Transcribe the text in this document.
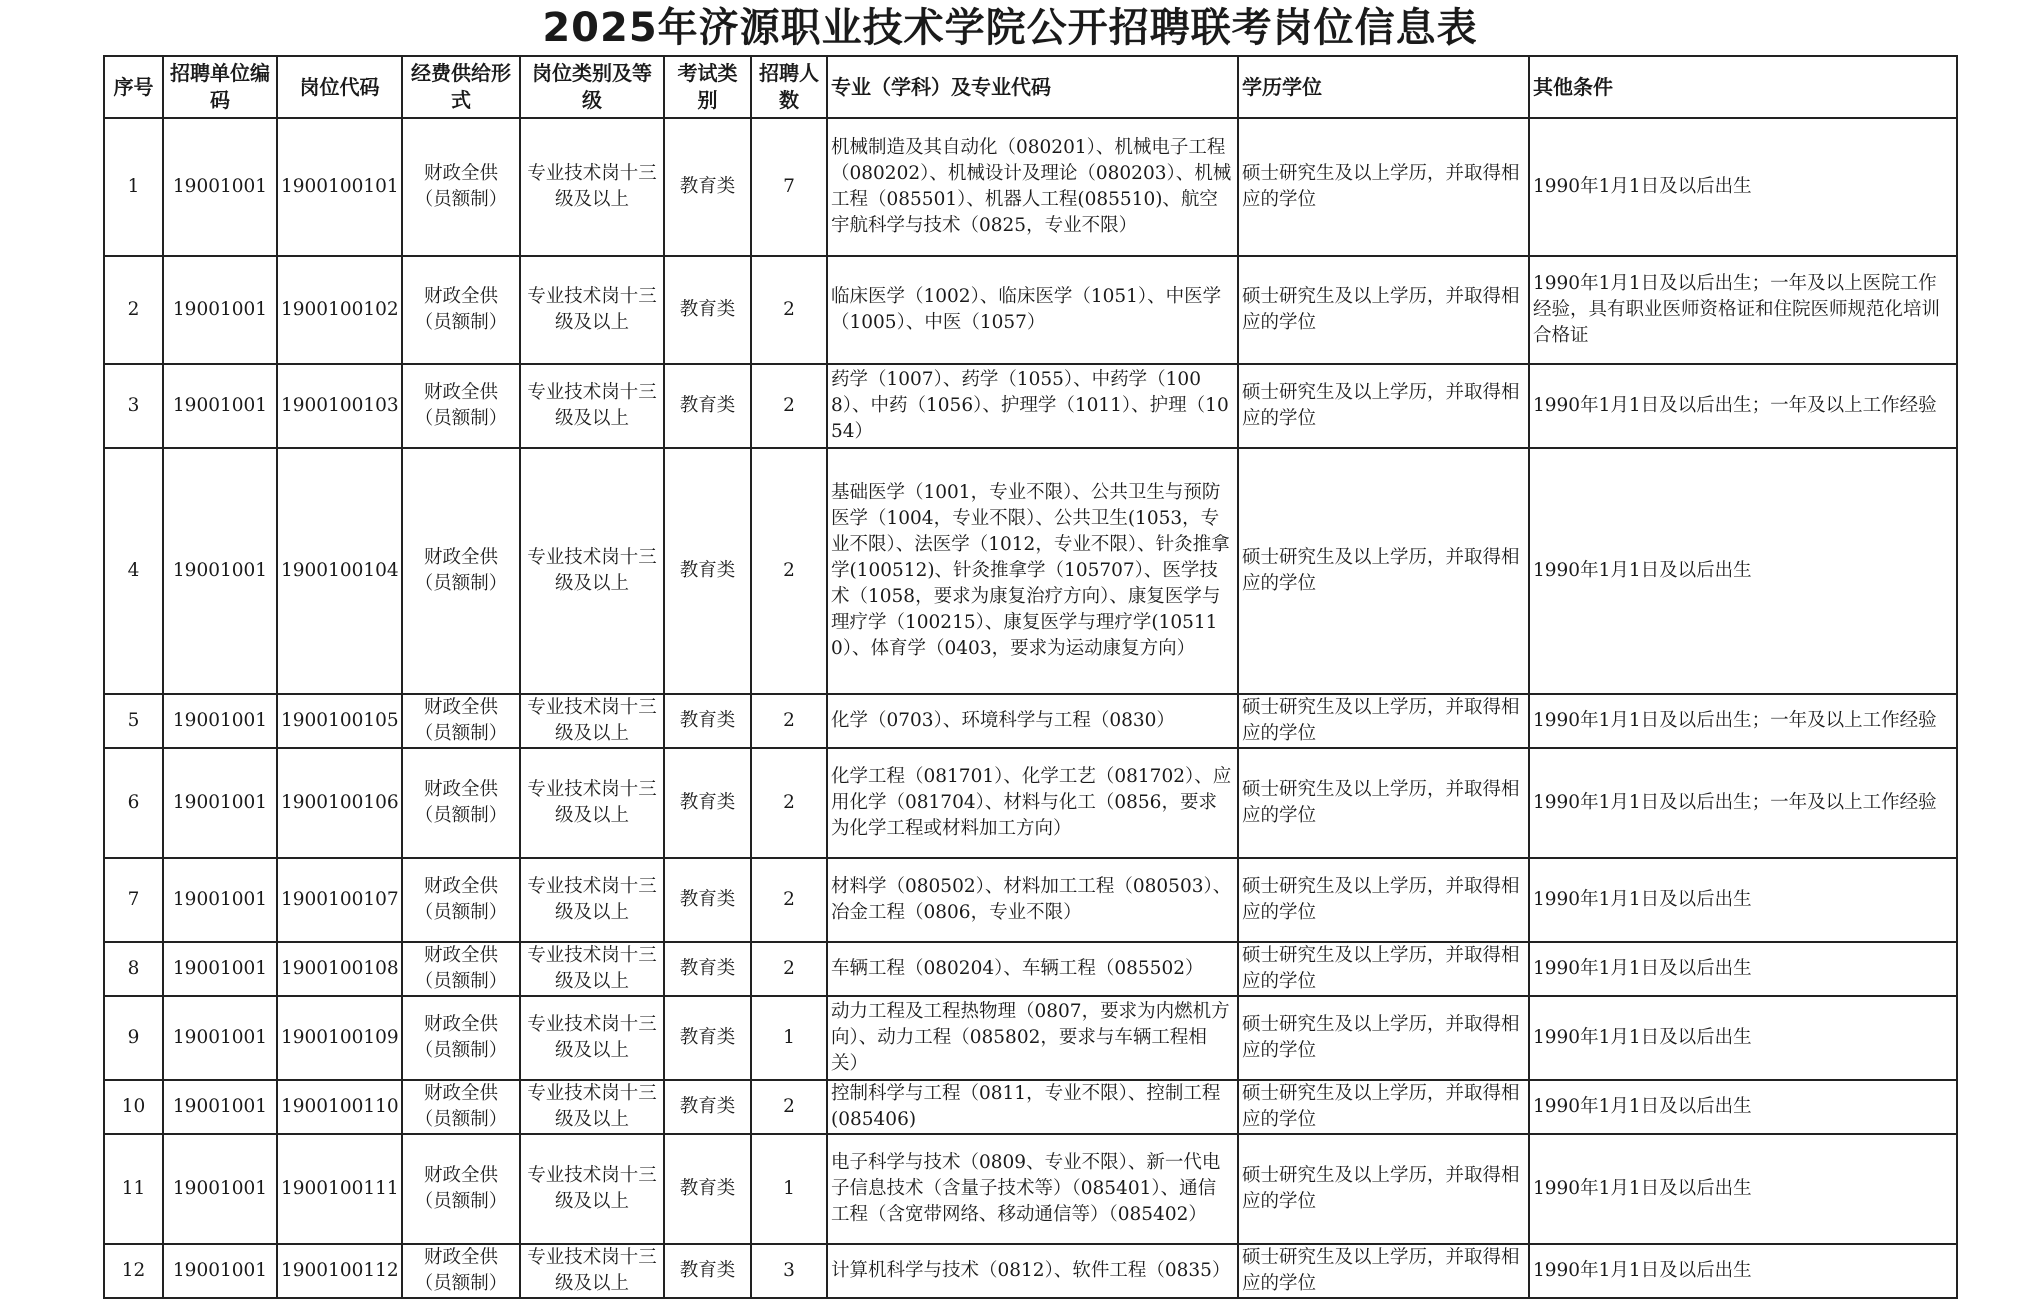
2025年济源职业技术学院公开招聘联考岗位信息表
序号	招聘单位编码	岗位代码	经费供给形式	岗位类别及等级	考试类别	招聘人数	专业（学科）及专业代码	学历学位	其他条件
1	19001001	1900100101	财政全供（员额制）	专业技术岗十三级及以上	教育类	7	机械制造及其自动化（080201）、机械电子工程（080202）、机械设计及理论（080203）、机械工程（085501）、机器人工程(085510)、航空宇航科学与技术（0825，专业不限）	硕士研究生及以上学历，并取得相应的学位	1990年1月1日及以后出生
2	19001001	1900100102	财政全供（员额制）	专业技术岗十三级及以上	教育类	2	临床医学（1002）、临床医学（1051）、中医学（1005）、中医（1057）	硕士研究生及以上学历，并取得相应的学位	1990年1月1日及以后出生；一年及以上医院工作经验，具有职业医师资格证和住院医师规范化培训合格证
3	19001001	1900100103	财政全供（员额制）	专业技术岗十三级及以上	教育类	2	药学（1007）、药学（1055）、中药学（1008）、中药（1056）、护理学（1011）、护理（1054）	硕士研究生及以上学历，并取得相应的学位	1990年1月1日及以后出生；一年及以上工作经验
4	19001001	1900100104	财政全供（员额制）	专业技术岗十三级及以上	教育类	2	基础医学（1001，专业不限）、公共卫生与预防医学（1004，专业不限）、公共卫生(1053，专业不限）、法医学（1012，专业不限）、针灸推拿学(100512)、针灸推拿学（105707）、医学技术（1058，要求为康复治疗方向）、康复医学与理疗学（100215）、康复医学与理疗学(105110）、体育学（0403，要求为运动康复方向）	硕士研究生及以上学历，并取得相应的学位	1990年1月1日及以后出生
5	19001001	1900100105	财政全供（员额制）	专业技术岗十三级及以上	教育类	2	化学（0703）、环境科学与工程（0830）	硕士研究生及以上学历，并取得相应的学位	1990年1月1日及以后出生；一年及以上工作经验
6	19001001	1900100106	财政全供（员额制）	专业技术岗十三级及以上	教育类	2	化学工程（081701）、化学工艺（081702）、应用化学（081704）、材料与化工（0856，要求为化学工程或材料加工方向）	硕士研究生及以上学历，并取得相应的学位	1990年1月1日及以后出生；一年及以上工作经验
7	19001001	1900100107	财政全供（员额制）	专业技术岗十三级及以上	教育类	2	材料学（080502）、材料加工工程（080503）、冶金工程（0806，专业不限）	硕士研究生及以上学历，并取得相应的学位	1990年1月1日及以后出生
8	19001001	1900100108	财政全供（员额制）	专业技术岗十三级及以上	教育类	2	车辆工程（080204）、车辆工程（085502）	硕士研究生及以上学历，并取得相应的学位	1990年1月1日及以后出生
9	19001001	1900100109	财政全供（员额制）	专业技术岗十三级及以上	教育类	1	动力工程及工程热物理（0807，要求为内燃机方向）、动力工程（085802，要求与车辆工程相关）	硕士研究生及以上学历，并取得相应的学位	1990年1月1日及以后出生
10	19001001	1900100110	财政全供（员额制）	专业技术岗十三级及以上	教育类	2	控制科学与工程（0811，专业不限）、控制工程(085406)	硕士研究生及以上学历，并取得相应的学位	1990年1月1日及以后出生
11	19001001	1900100111	财政全供（员额制）	专业技术岗十三级及以上	教育类	1	电子科学与技术（0809、专业不限）、新一代电子信息技术（含量子技术等）（085401）、通信工程（含宽带网络、移动通信等）（085402）	硕士研究生及以上学历，并取得相应的学位	1990年1月1日及以后出生
12	19001001	1900100112	财政全供（员额制）	专业技术岗十三级及以上	教育类	3	计算机科学与技术（0812）、软件工程（0835）	硕士研究生及以上学历，并取得相应的学位	1990年1月1日及以后出生
